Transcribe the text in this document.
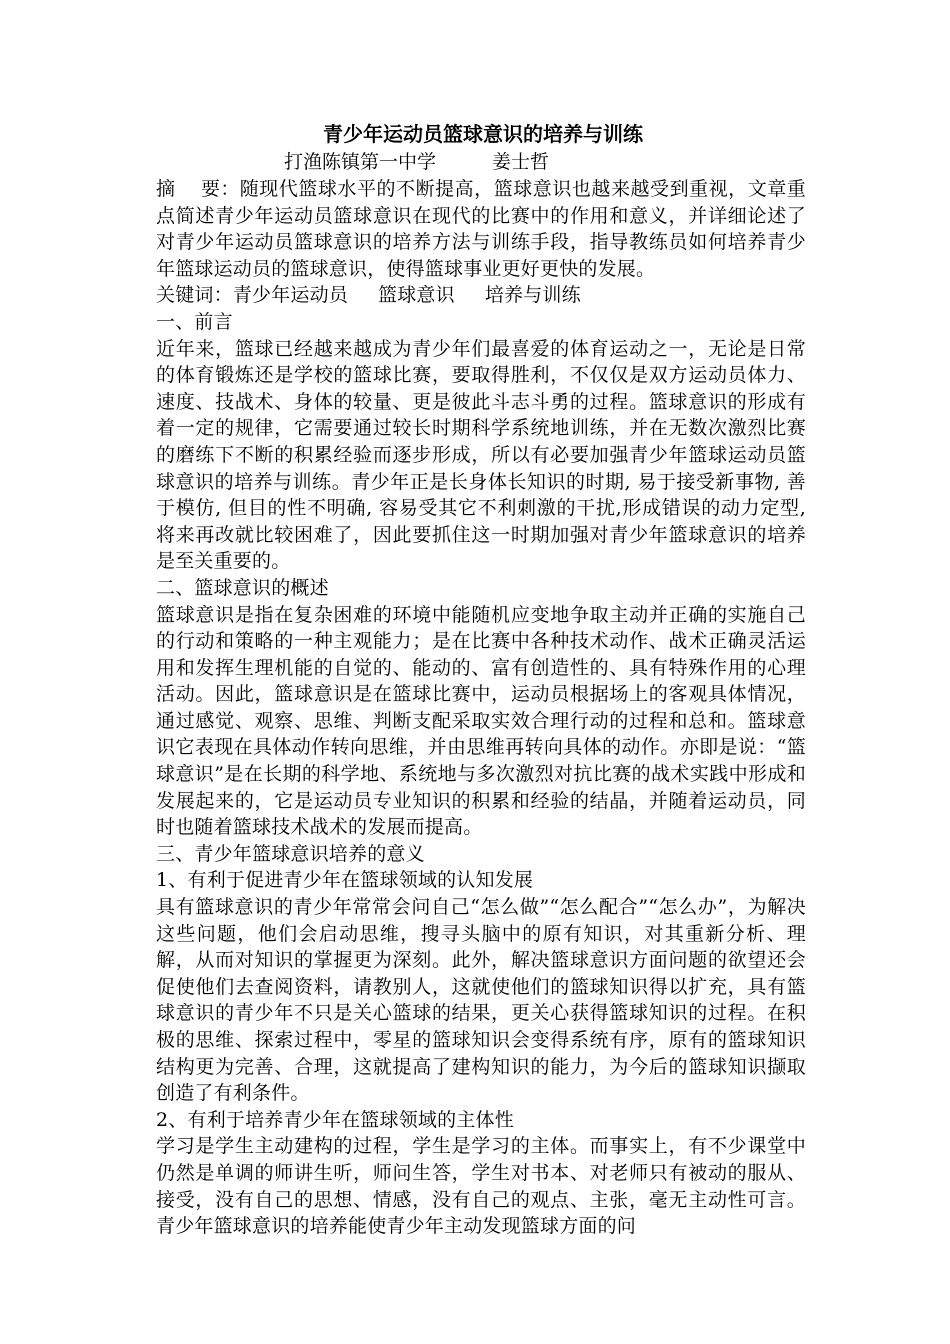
青少年运动员篮球意识的培养与训练
打渔陈镇第一中学	姜士哲

摘　 要：随现代篮球水平的不断提高，篮球意识也越来越受到重视，文章重点简述青少年运动员篮球意识在现代的比赛中的作用和意义，并详细论述了对青少年运动员篮球意识的培养方法与训练手段，指导教练员如何培养青少年篮球运动员的篮球意识，使得篮球事业更好更快的发展。

关键词：青少年运动员 篮球意识 培养与训练
一、前言

近年来，篮球已经越来越成为青少年们最喜爱的体育运动之一，无论是日常的体育锻炼还是学校的篮球比赛，要取得胜利，不仅仅是双方运动员体力、速度、技战术、身体的较量、更是彼此斗志斗勇的过程。篮球意识的形成有着一定的规律，它需要通过较长时期科学系统地训练，并在无数次激烈比赛的磨练下不断的积累经验而逐步形成，所以有必要加强青少年篮球运动员篮球意识的培养与训练。青少年正是长身体长知识的时期, 易于接受新事物, 善于模仿, 但目的性不明确, 容易受其它不利刺激的干扰,形成错误的动力定型, 将来再改就比较困难了，因此要抓住这一时期加强对青少年篮球意识的培养是至关重要的。

二、篮球意识的概述

篮球意识是指在复杂困难的环境中能随机应变地争取主动并正确的实施自己的行动和策略的一种主观能力；是在比赛中各种技术动作、战术正确灵活运用和发挥生理机能的自觉的、能动的、富有创造性的、具有特殊作用的心理活动。因此，篮球意识是在篮球比赛中，运动员根据场上的客观具体情况，通过感觉、观察、思维、判断支配采取实效合理行动的过程和总和。篮球意识它表现在具体动作转向思维，并由思维再转向具体的动作。亦即是说：“篮球意识”是在长期的科学地、系统地与多次激烈对抗比赛的战术实践中形成和发展起来的，它是运动员专业知识的积累和经验的结晶，并随着运动员，同时也随着篮球技术战术的发展而提高。

三、青少年篮球意识培养的意义
1、有利于促进青少年在篮球领域的认知发展

具有篮球意识的青少年常常会问自己“怎么做”“怎么配合”“怎么办”，为解决这些问题，他们会启动思维，搜寻头脑中的原有知识，对其重新分析、理解，从而对知识的掌握更为深刻。此外，解决篮球意识方面问题的欲望还会促使他们去查阅资料，请教别人，这就使他们的篮球知识得以扩充，具有篮球意识的青少年不只是关心篮球的结果，更关心获得篮球知识的过程。在积极的思维、探索过程中，零星的篮球知识会变得系统有序，原有的篮球知识结构更为完善、合理，这就提高了建构知识的能力，为今后的篮球知识撷取创造了有利条件。

2、有利于培养青少年在篮球领域的主体性

学习是学生主动建构的过程，学生是学习的主体。而事实上，有不少课堂中仍然是单调的师讲生听，师问生答，学生对书本、对老师只有被动的服从、接受，没有自己的思想、情感，没有自己的观点、主张，毫无主动性可言。青少年篮球意识的培养能使青少年主动发现篮球方面的问
